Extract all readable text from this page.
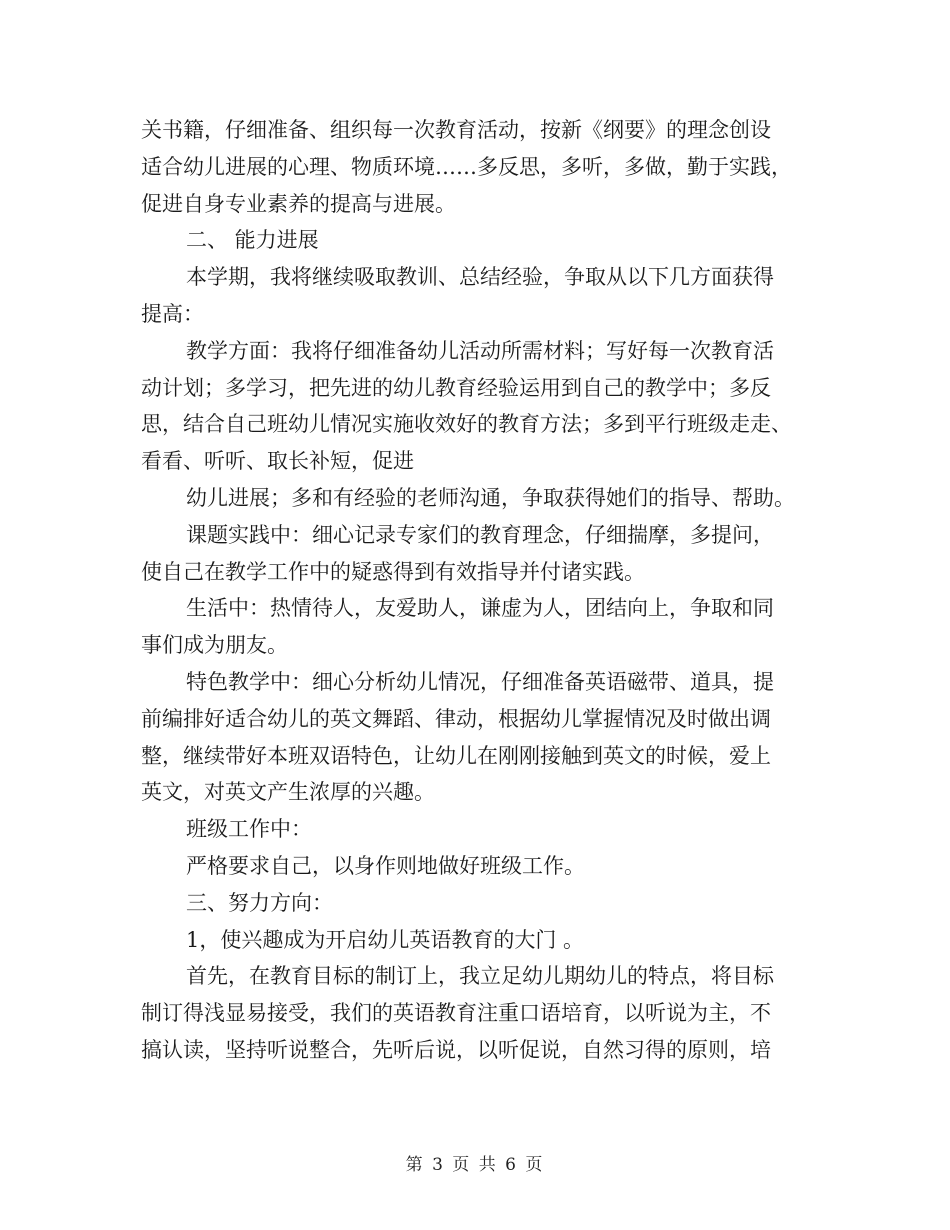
关书籍，仔细准备、组织每一次教育活动，按新《纲要》的理念创设
适合幼儿进展的心理、物质环境……多反思，多听，多做，勤于实践，
促进自身专业素养的提高与进展。
二、 能力进展
本学期，我将继续吸取教训、总结经验，争取从以下几方面获得
提高：
教学方面：我将仔细准备幼儿活动所需材料；写好每一次教育活
动计划；多学习，把先进的幼儿教育经验运用到自己的教学中；多反
思，结合自己班幼儿情况实施收效好的教育方法；多到平行班级走走、
看看、听听、取长补短，促进
幼儿进展；多和有经验的老师沟通，争取获得她们的指导、帮助。
课题实践中：细心记录专家们的教育理念，仔细揣摩，多提问，
使自己在教学工作中的疑惑得到有效指导并付诸实践。
生活中：热情待人，友爱助人，谦虚为人，团结向上，争取和同
事们成为朋友。
特色教学中：细心分析幼儿情况，仔细准备英语磁带、道具，提
前编排好适合幼儿的英文舞蹈、律动，根据幼儿掌握情况及时做出调
整，继续带好本班双语特色，让幼儿在刚刚接触到英文的时候，爱上
英文，对英文产生浓厚的兴趣。
班级工作中：
严格要求自己，以身作则地做好班级工作。
三、努力方向：
1，使兴趣成为开启幼儿英语教育的大门 。
首先，在教育目标的制订上，我立足幼儿期幼儿的特点，将目标
制订得浅显易接受，我们的英语教育注重口语培育，以听说为主，不
搞认读，坚持听说整合，先听后说，以听促说，自然习得的原则，培
第 3 页 共 6 页
